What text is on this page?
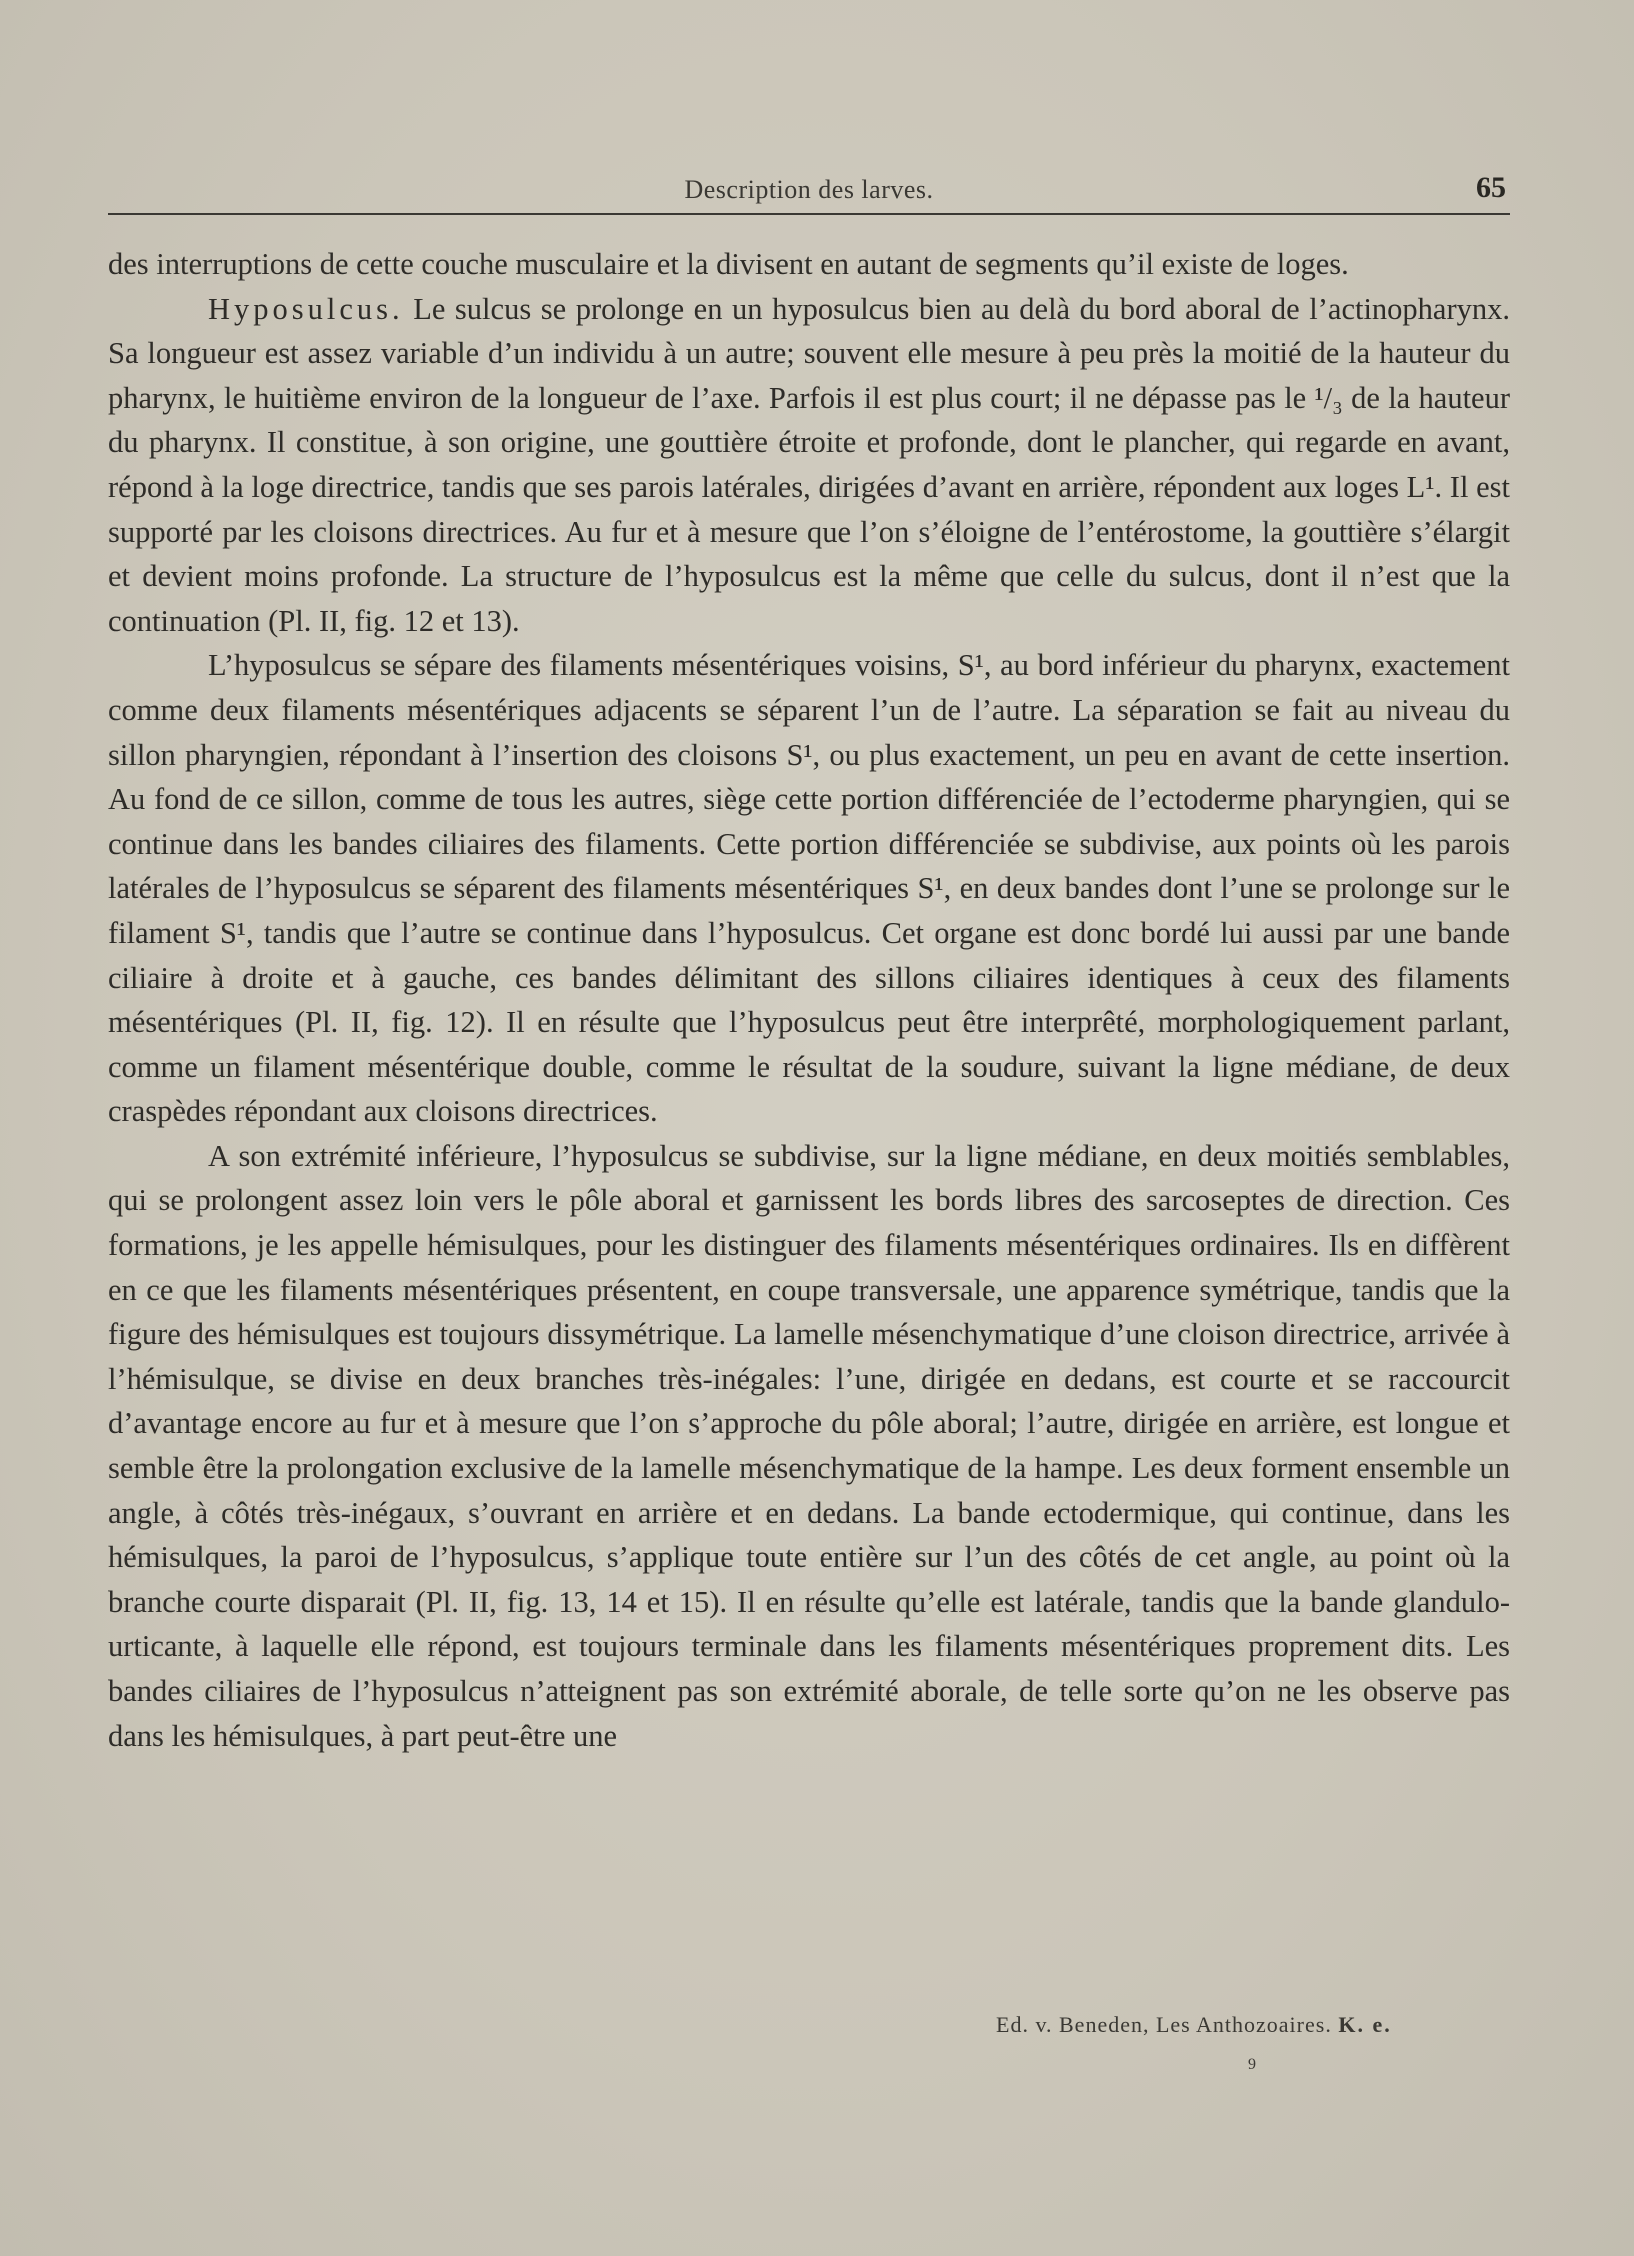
Description des larves.	65

des interruptions de cette couche musculaire et la divisent en autant de segments qu’il existe de loges.

Hyposulcus. Le sulcus se prolonge en un hyposulcus bien au delà du bord aboral de l’actinopharynx. Sa longueur est assez variable d’un individu à un autre; souvent elle mesure à peu près la moitié de la hauteur du pharynx, le huitième environ de la longueur de l’axe. Parfois il est plus court; il ne dépasse pas le ¹/₃ de la hauteur du pharynx. Il constitue, à son origine, une gouttière étroite et profonde, dont le plancher, qui regarde en avant, répond à la loge directrice, tandis que ses parois latérales, dirigées d’avant en arrière, répondent aux loges L¹. Il est supporté par les cloisons directrices. Au fur et à mesure que l’on s’éloigne de l’entérostome, la gouttière s’élargit et devient moins profonde. La structure de l’hyposulcus est la même que celle du sulcus, dont il n’est que la continuation (Pl. II, fig. 12 et 13).

L’hyposulcus se sépare des filaments mésentériques voisins, S¹, au bord inférieur du pharynx, exactement comme deux filaments mésentériques adjacents se séparent l’un de l’autre. La séparation se fait au niveau du sillon pharyngien, répondant à l’insertion des cloisons S¹, ou plus exactement, un peu en avant de cette insertion. Au fond de ce sillon, comme de tous les autres, siège cette portion différenciée de l’ectoderme pharyngien, qui se continue dans les bandes ciliaires des filaments. Cette portion différenciée se subdivise, aux points où les parois latérales de l’hyposulcus se séparent des filaments mésentériques S¹, en deux bandes dont l’une se prolonge sur le filament S¹, tandis que l’autre se continue dans l’hyposulcus. Cet organe est donc bordé lui aussi par une bande ciliaire à droite et à gauche, ces bandes délimitant des sillons ciliaires identiques à ceux des filaments mésentériques (Pl. II, fig. 12). Il en résulte que l’hyposulcus peut être interprêté, morphologiquement parlant, comme un filament mésentérique double, comme le résultat de la soudure, suivant la ligne médiane, de deux craspèdes répondant aux cloisons directrices.

A son extrémité inférieure, l’hyposulcus se subdivise, sur la ligne médiane, en deux moitiés semblables, qui se prolongent assez loin vers le pôle aboral et garnissent les bords libres des sarcoseptes de direction. Ces formations, je les appelle hémisulques, pour les distinguer des filaments mésentériques ordinaires. Ils en diffèrent en ce que les filaments mésentériques présentent, en coupe transversale, une apparence symétrique, tandis que la figure des hémisulques est toujours dissymétrique. La lamelle mésenchymatique d’une cloison directrice, arrivée à l’hémisulque, se divise en deux branches très-inégales: l’une, dirigée en dedans, est courte et se raccourcit d’avantage encore au fur et à mesure que l’on s’approche du pôle aboral; l’autre, dirigée en arrière, est longue et semble être la prolongation exclusive de la lamelle mésenchymatique de la hampe. Les deux forment ensemble un angle, à côtés très-inégaux, s’ouvrant en arrière et en dedans. La bande ectodermique, qui continue, dans les hémisulques, la paroi de l’hyposulcus, s’applique toute entière sur l’un des côtés de cet angle, au point où la branche courte disparait (Pl. II, fig. 13, 14 et 15). Il en résulte qu’elle est latérale, tandis que la bande glandulo-urticante, à laquelle elle répond, est toujours terminale dans les filaments mésentériques proprement dits. Les bandes ciliaires de l’hyposulcus n’atteignent pas son extrémité aborale, de telle sorte qu’on ne les observe pas dans les hémisulques, à part peut-être une

Ed. v. Beneden, Les Anthozoaires. K. e.
9
